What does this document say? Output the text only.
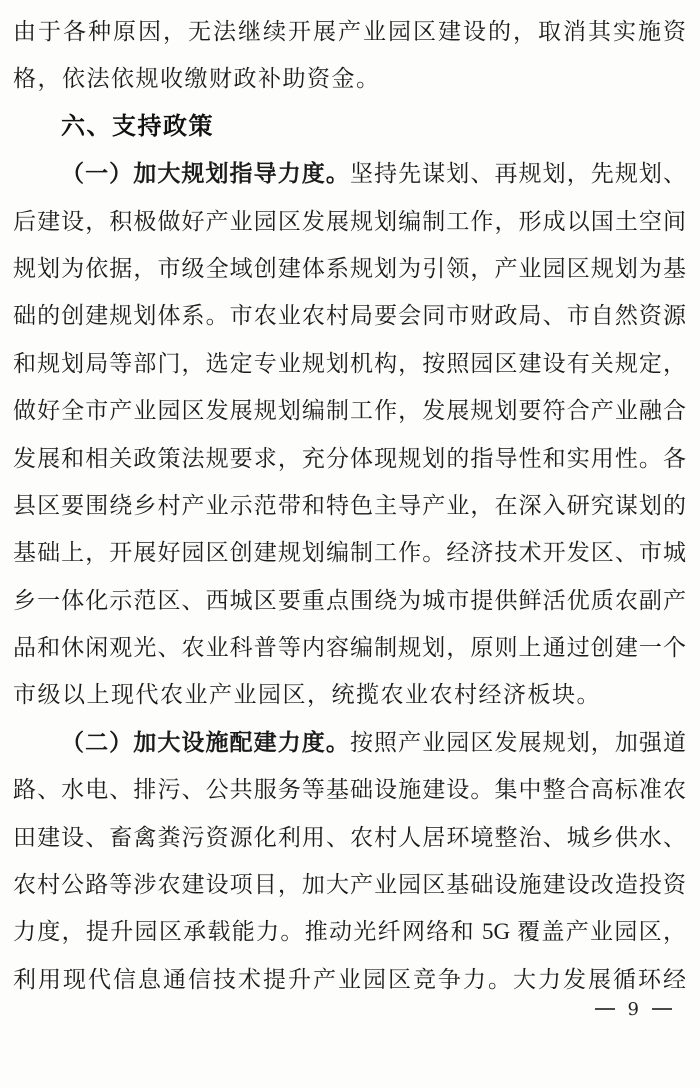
由于各种原因，无法继续开展产业园区建设的，取消其实施资
格，依法依规收缴财政补助资金。
六、支持政策
（一）加大规划指导力度。坚持先谋划、再规划，先规划、
后建设，积极做好产业园区发展规划编制工作，形成以国土空间
规划为依据，市级全域创建体系规划为引领，产业园区规划为基
础的创建规划体系。市农业农村局要会同市财政局、市自然资源
和规划局等部门，选定专业规划机构，按照园区建设有关规定，
做好全市产业园区发展规划编制工作，发展规划要符合产业融合
发展和相关政策法规要求，充分体现规划的指导性和实用性。各
县区要围绕乡村产业示范带和特色主导产业，在深入研究谋划的
基础上，开展好园区创建规划编制工作。经济技术开发区、市城
乡一体化示范区、西城区要重点围绕为城市提供鲜活优质农副产
品和休闲观光、农业科普等内容编制规划，原则上通过创建一个
市级以上现代农业产业园区，统揽农业农村经济板块。
（二）加大设施配建力度。按照产业园区发展规划，加强道
路、水电、排污、公共服务等基础设施建设。集中整合高标准农
田建设、畜禽粪污资源化利用、农村人居环境整治、城乡供水、
农村公路等涉农建设项目，加大产业园区基础设施建设改造投资
力度，提升园区承载能力。推动光纤网络和 5G 覆盖产业园区，
利用现代信息通信技术提升产业园区竞争力。大力发展循环经
9
